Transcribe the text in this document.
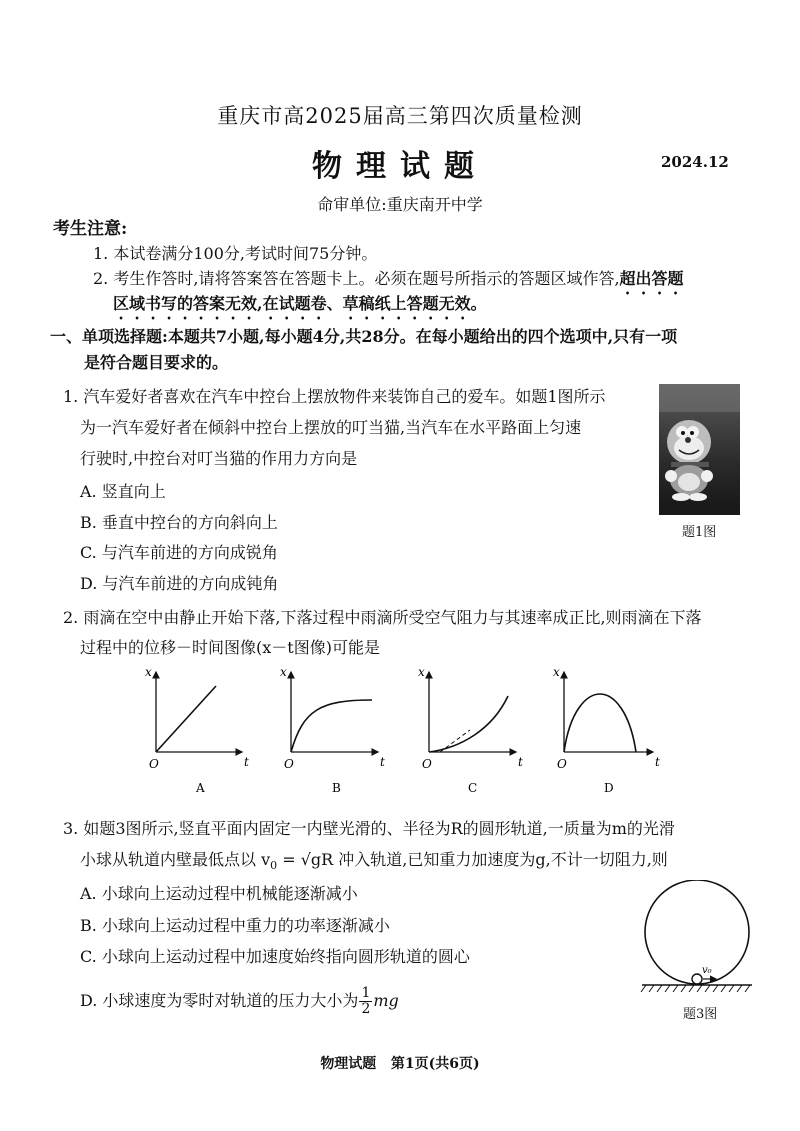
重庆市高2025届高三第四次质量检测
物理试题	2024.12
命审单位:重庆南开中学
考生注意:
1. 本试卷满分100分,考试时间75分钟。
2. 考生作答时,请将答案答在答题卡上。必须在题号所指示的答题区域作答,超出答题
区域书写的答案无效,在试题卷、草稿纸上答题无效。
一、单项选择题:本题共7小题,每小题4分,共28分。在每小题给出的四个选项中,只有一项
是符合题目要求的。
1. 汽车爱好者喜欢在汽车中控台上摆放物件来装饰自己的爱车。如题1图所示
为一汽车爱好者在倾斜中控台上摆放的叮当猫,当汽车在水平路面上匀速
行驶时,中控台对叮当猫的作用力方向是
A. 竖直向上
B. 垂直中控台的方向斜向上
C. 与汽车前进的方向成锐角
D. 与汽车前进的方向成钝角
题1图
2. 雨滴在空中由静止开始下落,下落过程中雨滴所受空气阻力与其速率成正比,则雨滴在下落
过程中的位移－时间图像(x－t图像)可能是
x
t
O
A
x
t
O
B
x
t
O
C
x
t
O
D
3. 如题3图所示,竖直平面内固定一内壁光滑的、半径为R的圆形轨道,一质量为m的光滑
小球从轨道内壁最低点以 $v_0 = √gR$ 冲入轨道,已知重力加速度为g,不计一切阻力,则
A. 小球向上运动过程中机械能逐渐减小
B. 小球向上运动过程中重力的功率逐渐减小
C. 小球向上运动过程中加速度始终指向圆形轨道的圆心
D. 小球速度为零时对轨道的压力大小为 $\frac{1}{2}$ mg
v₀
题3图
物理试题   第1页(共6页)
